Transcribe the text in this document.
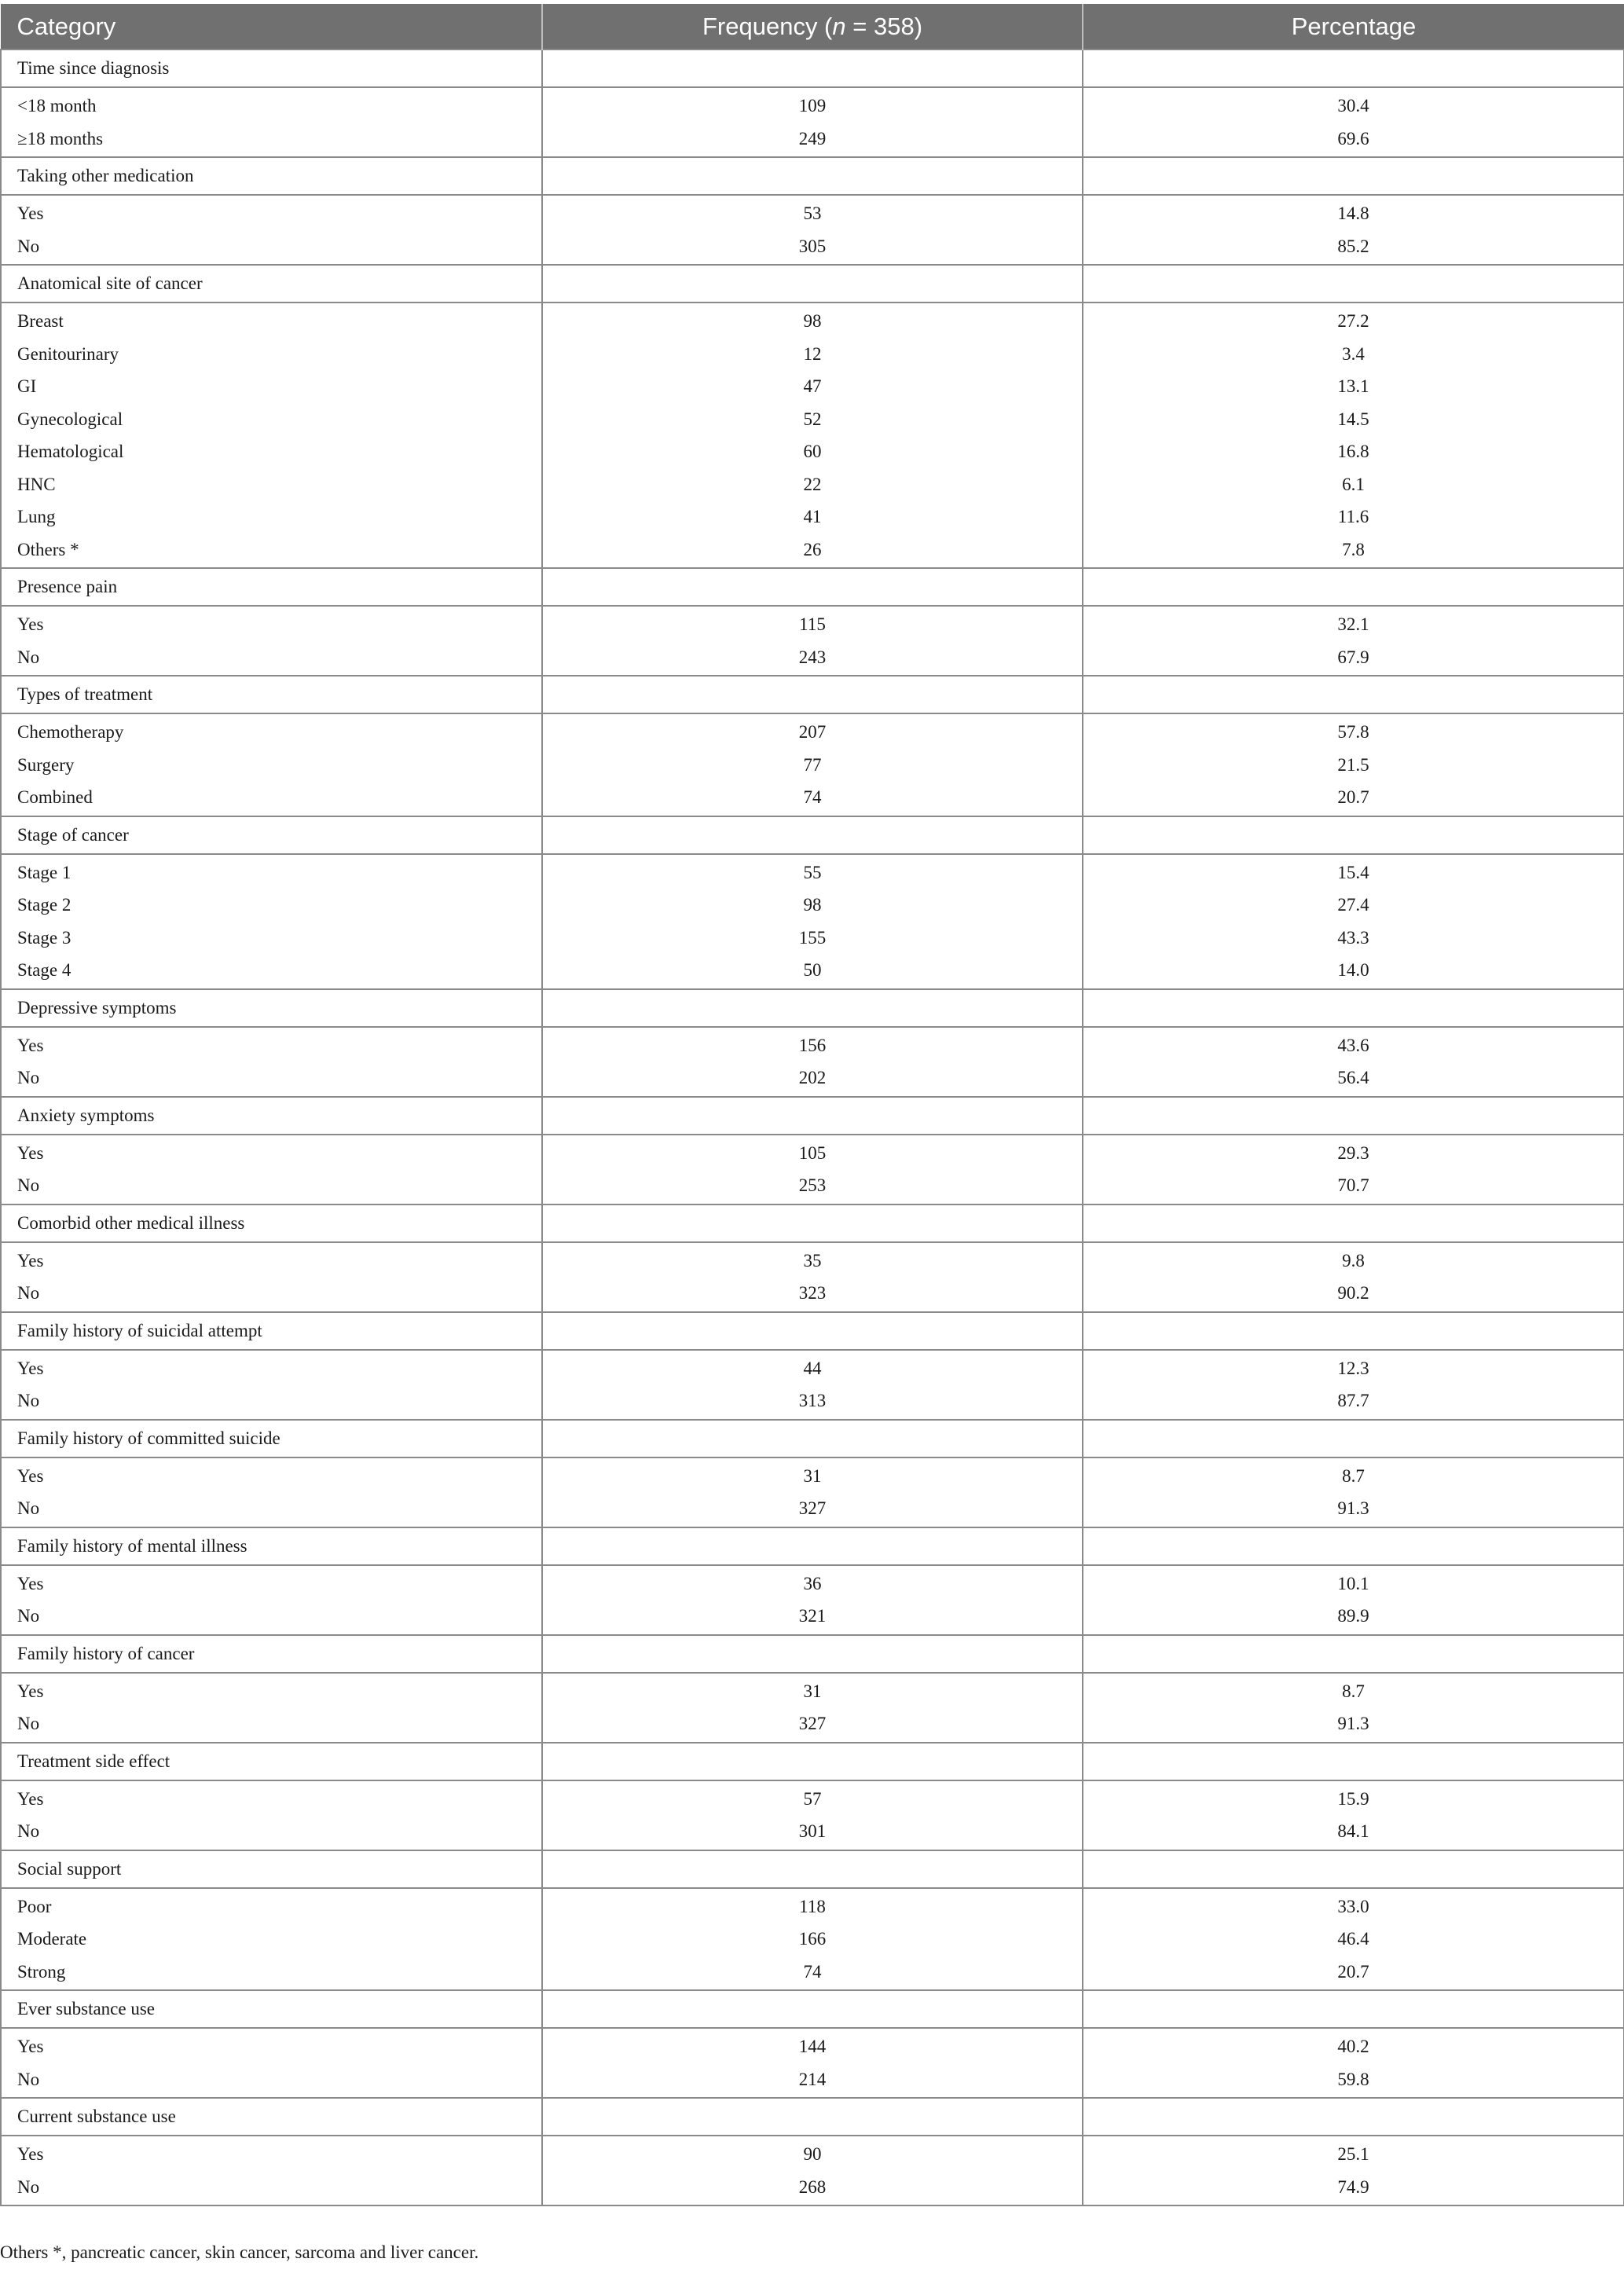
Category	Frequency (n = 358)	Percentage
Time since diagnosis		
<18 month	109	30.4
≥18 months	249	69.6
Taking other medication		
Yes	53	14.8
No	305	85.2
Anatomical site of cancer		
Breast	98	27.2
Genitourinary	12	3.4
GI	47	13.1
Gynecological	52	14.5
Hematological	60	16.8
HNC	22	6.1
Lung	41	11.6
Others *	26	7.8
Presence pain		
Yes	115	32.1
No	243	67.9
Types of treatment		
Chemotherapy	207	57.8
Surgery	77	21.5
Combined	74	20.7
Stage of cancer		
Stage 1	55	15.4
Stage 2	98	27.4
Stage 3	155	43.3
Stage 4	50	14.0
Depressive symptoms		
Yes	156	43.6
No	202	56.4
Anxiety symptoms		
Yes	105	29.3
No	253	70.7
Comorbid other medical illness		
Yes	35	9.8
No	323	90.2
Family history of suicidal attempt		
Yes	44	12.3
No	313	87.7
Family history of committed suicide		
Yes	31	8.7
No	327	91.3
Family history of mental illness		
Yes	36	10.1
No	321	89.9
Family history of cancer		
Yes	31	8.7
No	327	91.3
Treatment side effect		
Yes	57	15.9
No	301	84.1
Social support		
Poor	118	33.0
Moderate	166	46.4
Strong	74	20.7
Ever substance use		
Yes	144	40.2
No	214	59.8
Current substance use		
Yes	90	25.1
No	268	74.9
Others *, pancreatic cancer, skin cancer, sarcoma and liver cancer.
